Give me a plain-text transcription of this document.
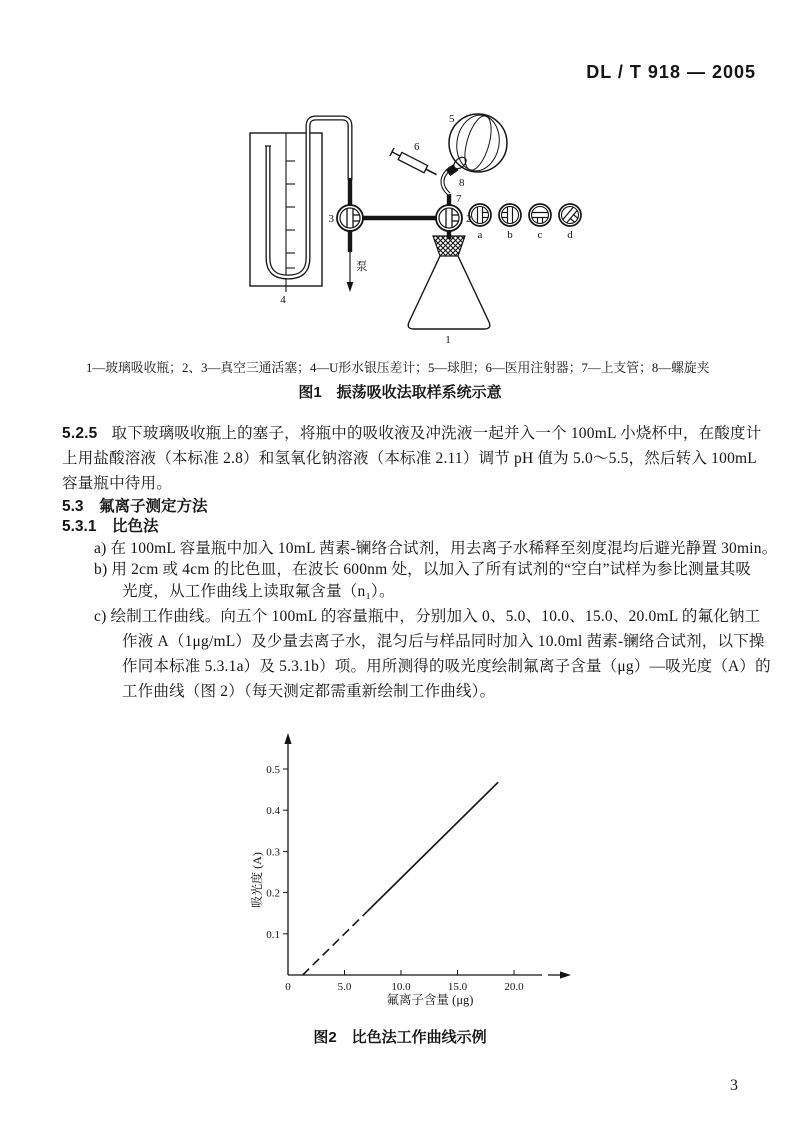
DL / T 918 — 2005
4
泵
3	2
7
8
5
6
1
a b c d
1—玻璃吸收瓶；2、3—真空三通活塞；4—U形水银压差计；5—球胆；6—医用注射器；7—上支管；8—螺旋夹
图1　振荡吸收法取样系统示意
5.2.5 取下玻璃吸收瓶上的塞子，将瓶中的吸收液及冲洗液一起并入一个 100mL 小烧杯中，在酸度计
上用盐酸溶液（本标准 2.8）和氢氧化钠溶液（本标准 2.11）调节 pH 值为 5.0～5.5，然后转入 100mL
容量瓶中待用。
5.3　氟离子测定方法
5.3.1　比色法
a) 在 100mL 容量瓶中加入 10mL 茜素-镧络合试剂，用去离子水稀释至刻度混均后避光静置 30min。
b) 用 2cm 或 4cm 的比色皿，在波长 600nm 处，以加入了所有试剂的“空白”试样为参比测量其吸
光度，从工作曲线上读取氟含量（n₁）。
c) 绘制工作曲线。向五个 100mL 的容量瓶中，分别加入 0、5.0、10.0、15.0、20.0mL 的氟化钠工
作液 A（1μg/mL）及少量去离子水，混匀后与样品同时加入 10.0ml 茜素-镧络合试剂，以下操
作同本标准 5.3.1a）及 5.3.1b）项。用所测得的吸光度绘制氟离子含量（μg）—吸光度（A）的
工作曲线（图 2）（每天测定都需重新绘制工作曲线）。
吸光度 (A)
氟离子含量 (μg)
0	5.0	10.0	15.0	20.0
0.1
0.2
0.3
0.4
0.5
图2　比色法工作曲线示例
3
